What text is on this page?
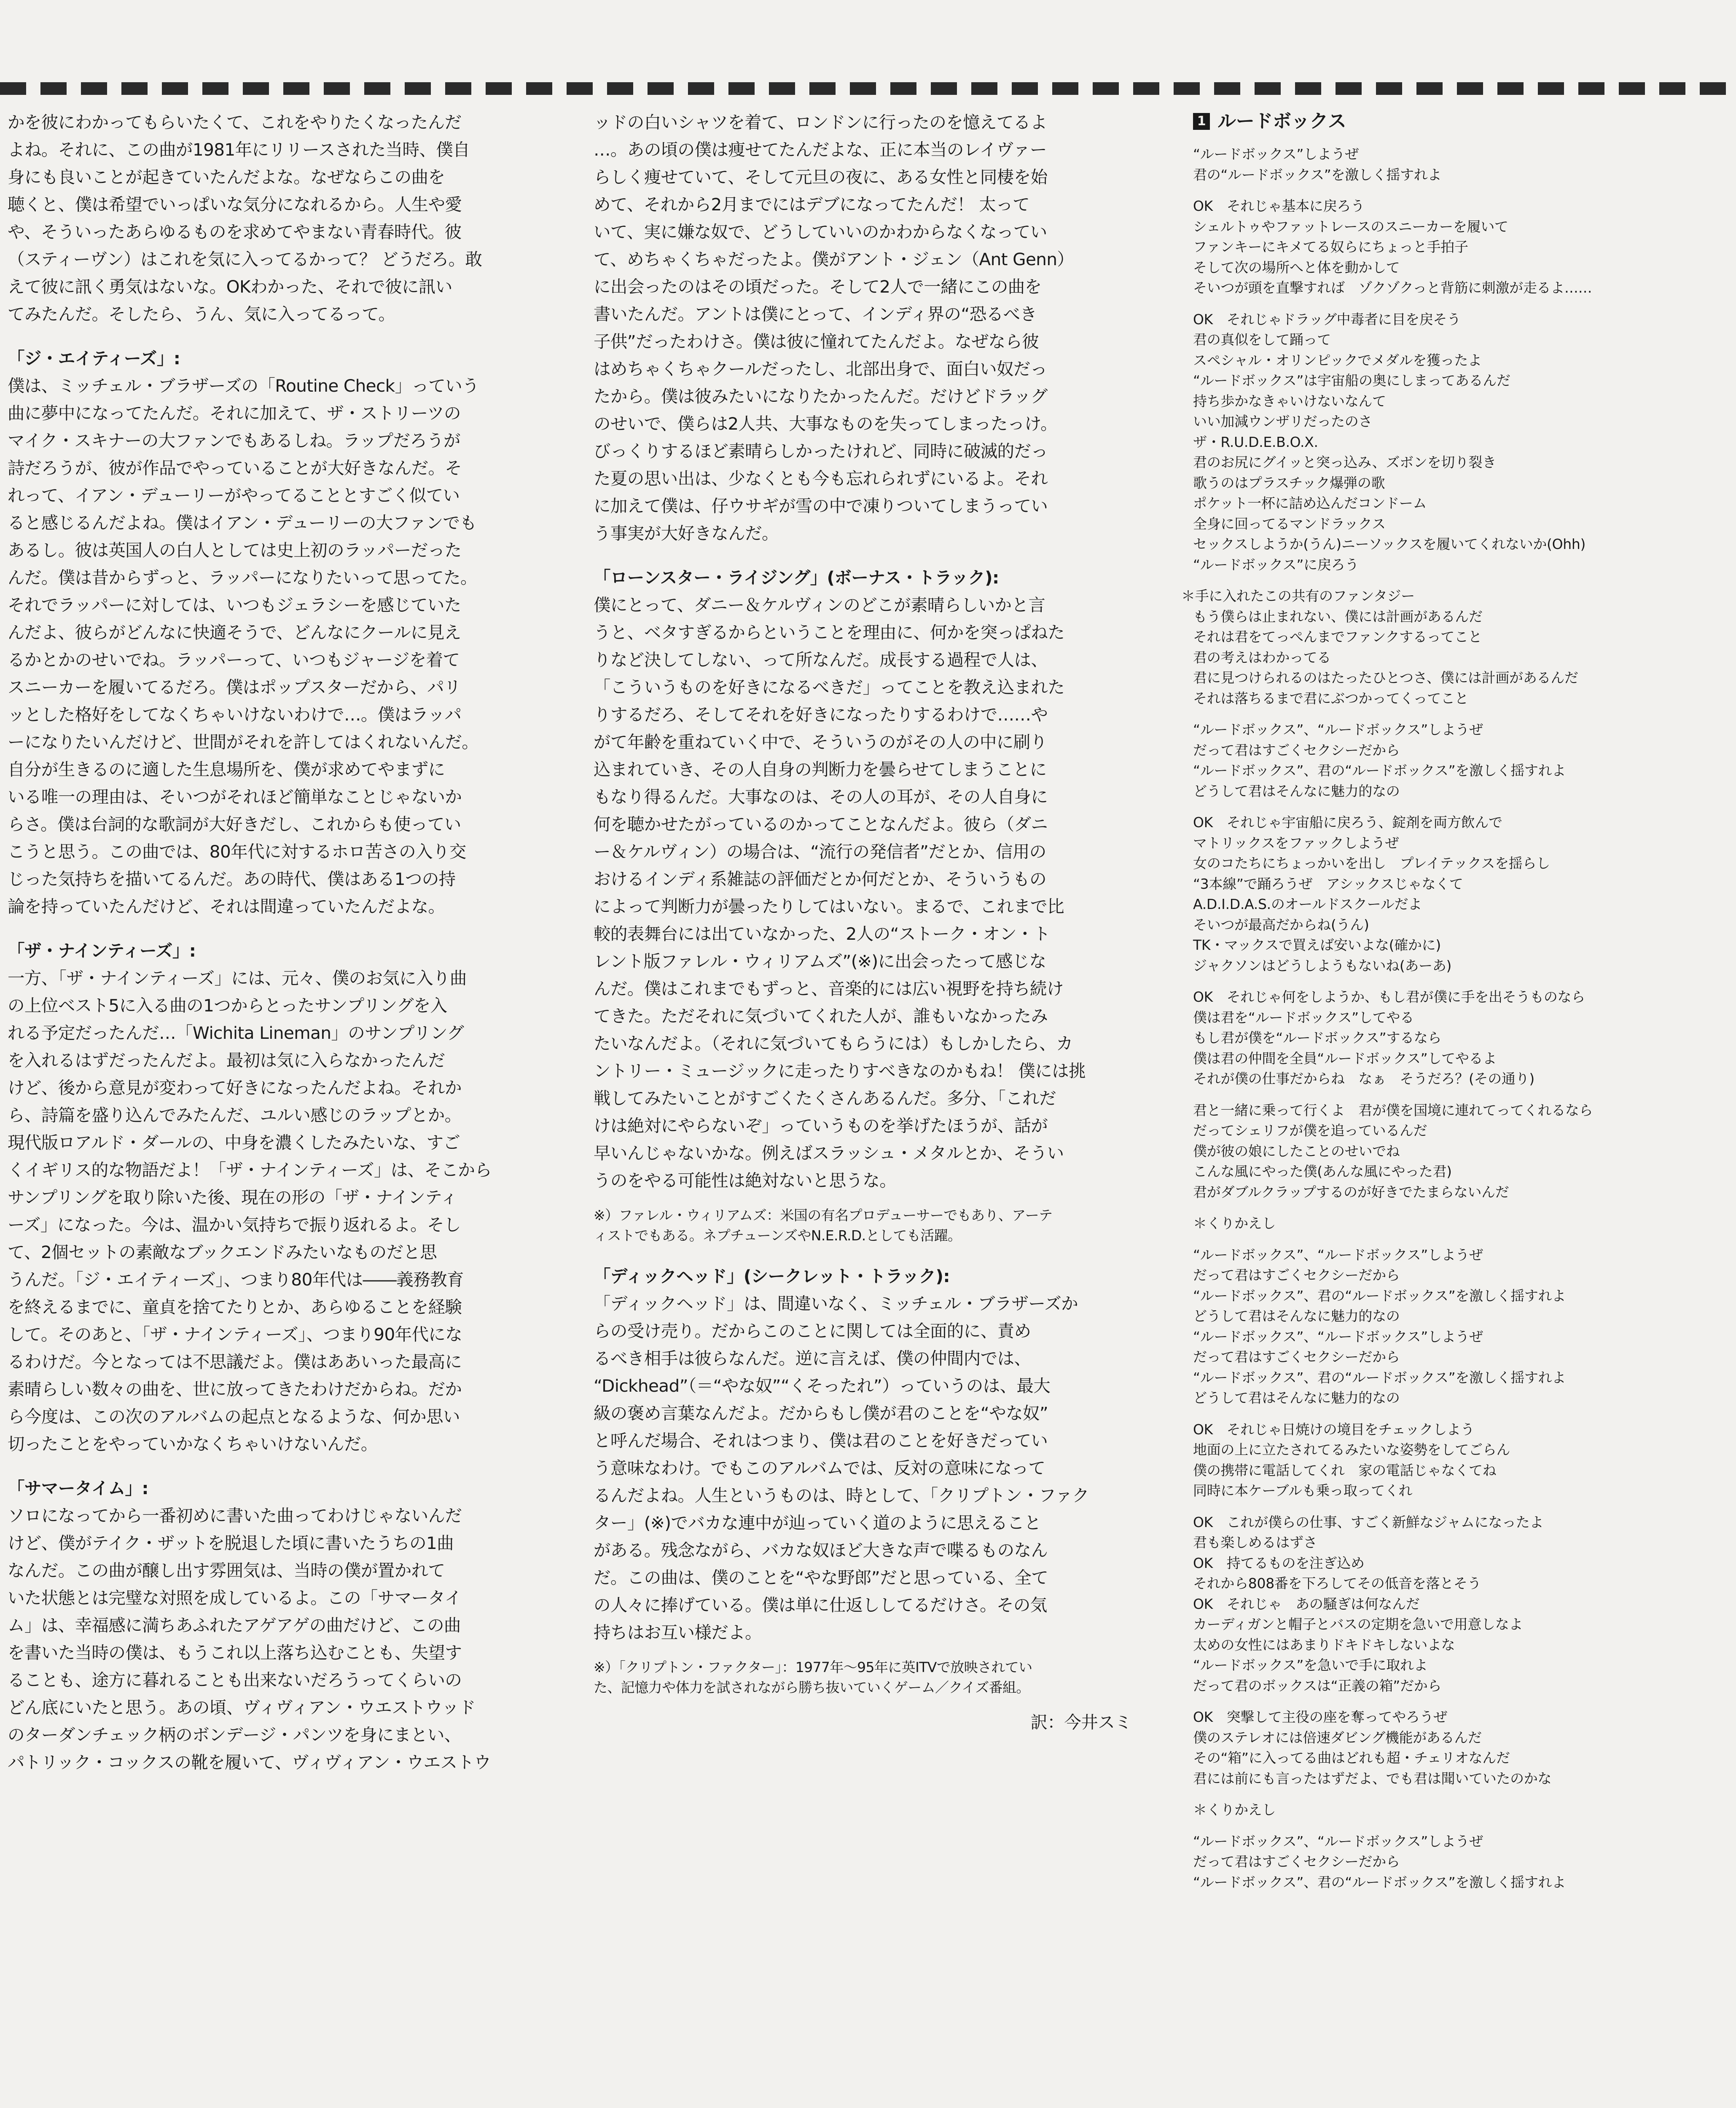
かを彼にわかってもらいたくて、これをやりたくなったんだ
よね。それに、この曲が1981年にリリースされた当時、僕自
身にも良いことが起きていたんだよな。なぜならこの曲を
聴くと、僕は希望でいっぱいな気分になれるから。人生や愛
や、そういったあらゆるものを求めてやまない青春時代。彼
（スティーヴン）はこれを気に入ってるかって？ どうだろ。敢
えて彼に訊く勇気はないな。OKわかった、それで彼に訊い
てみたんだ。そしたら、うん、気に入ってるって。

「ジ・エイティーズ」:

僕は、ミッチェル・ブラザーズの「Routine Check」っていう
曲に夢中になってたんだ。それに加えて、ザ・ストリーツの
マイク・スキナーの大ファンでもあるしね。ラップだろうが
詩だろうが、彼が作品でやっていることが大好きなんだ。そ
れって、イアン・デューリーがやってることとすごく似てい
ると感じるんだよね。僕はイアン・デューリーの大ファンでも
あるし。彼は英国人の白人としては史上初のラッパーだった
んだ。僕は昔からずっと、ラッパーになりたいって思ってた。
それでラッパーに対しては、いつもジェラシーを感じていた
んだよ、彼らがどんなに快適そうで、どんなにクールに見え
るかとかのせいでね。ラッパーって、いつもジャージを着て
スニーカーを履いてるだろ。僕はポップスターだから、パリ
ッとした格好をしてなくちゃいけないわけで…。僕はラッパ
ーになりたいんだけど、世間がそれを許してはくれないんだ。
自分が生きるのに適した生息場所を、僕が求めてやまずに
いる唯一の理由は、そいつがそれほど簡単なことじゃないか
らさ。僕は台詞的な歌詞が大好きだし、これからも使ってい
こうと思う。この曲では、80年代に対するホロ苦さの入り交
じった気持ちを描いてるんだ。あの時代、僕はある1つの持
論を持っていたんだけど、それは間違っていたんだよな。

「ザ・ナインティーズ」:

一方、「ザ・ナインティーズ」には、元々、僕のお気に入り曲
の上位ベスト5に入る曲の1つからとったサンプリングを入
れる予定だったんだ…「Wichita Lineman」のサンプリング
を入れるはずだったんだよ。最初は気に入らなかったんだ
けど、後から意見が変わって好きになったんだよね。それか
ら、詩篇を盛り込んでみたんだ、ユルい感じのラップとか。
現代版ロアルド・ダールの、中身を濃くしたみたいな、すご
くイギリス的な物語だよ！「ザ・ナインティーズ」は、そこから
サンプリングを取り除いた後、現在の形の「ザ・ナインティ
ーズ」になった。今は、温かい気持ちで振り返れるよ。そし
て、2個セットの素敵なブックエンドみたいなものだと思
うんだ。「ジ・エイティーズ」、つまり80年代は――義務教育
を終えるまでに、童貞を捨てたりとか、あらゆることを経験
して。そのあと、「ザ・ナインティーズ」、つまり90年代にな
るわけだ。今となっては不思議だよ。僕はああいった最高に
素晴らしい数々の曲を、世に放ってきたわけだからね。だか
ら今度は、この次のアルバムの起点となるような、何か思い
切ったことをやっていかなくちゃいけないんだ。

「サマータイム」:

ソロになってから一番初めに書いた曲ってわけじゃないんだ
けど、僕がテイク・ザットを脱退した頃に書いたうちの1曲
なんだ。この曲が醸し出す雰囲気は、当時の僕が置かれて
いた状態とは完璧な対照を成しているよ。この「サマータイ
ム」は、幸福感に満ちあふれたアゲアゲの曲だけど、この曲
を書いた当時の僕は、もうこれ以上落ち込むことも、失望す
ることも、途方に暮れることも出来ないだろうってくらいの
どん底にいたと思う。あの頃、ヴィヴィアン・ウエストウッド
のターダンチェック柄のボンデージ・パンツを身にまとい、
パトリック・コックスの靴を履いて、ヴィヴィアン・ウエストウ
ッドの白いシャツを着て、ロンドンに行ったのを憶えてるよ
…。あの頃の僕は痩せてたんだよな、正に本当のレイヴァー
らしく痩せていて、そして元旦の夜に、ある女性と同棲を始
めて、それから2月までにはデブになってたんだ！ 太って
いて、実に嫌な奴で、どうしていいのかわからなくなってい
て、めちゃくちゃだったよ。僕がアント・ジェン（Ant Genn）
に出会ったのはその頃だった。そして2人で一緒にこの曲を
書いたんだ。アントは僕にとって、インディ界の“恐るべき
子供”だったわけさ。僕は彼に憧れてたんだよ。なぜなら彼
はめちゃくちゃクールだったし、北部出身で、面白い奴だっ
たから。僕は彼みたいになりたかったんだ。だけどドラッグ
のせいで、僕らは2人共、大事なものを失ってしまったっけ。
びっくりするほど素晴らしかったけれど、同時に破滅的だっ
た夏の思い出は、少なくとも今も忘れられずにいるよ。それ
に加えて僕は、仔ウサギが雪の中で凍りついてしまうってい
う事実が大好きなんだ。

「ローンスター・ライジング」(ボーナス・トラック):

僕にとって、ダニー＆ケルヴィンのどこが素晴らしいかと言
うと、ベタすぎるからということを理由に、何かを突っぱねた
りなど決してしない、って所なんだ。成長する過程で人は、
「こういうものを好きになるべきだ」ってことを教え込まれた
りするだろ、そしてそれを好きになったりするわけで……や
がて年齢を重ねていく中で、そういうのがその人の中に刷り
込まれていき、その人自身の判断力を曇らせてしまうことに
もなり得るんだ。大事なのは、その人の耳が、その人自身に
何を聴かせたがっているのかってことなんだよ。彼ら（ダニ
ー＆ケルヴィン）の場合は、“流行の発信者”だとか、信用の
おけるインディ系雑誌の評価だとか何だとか、そういうもの
によって判断力が曇ったりしてはいない。まるで、これまで比
較的表舞台には出ていなかった、2人の“ストーク・オン・ト
レント版ファレル・ウィリアムズ”(※)に出会ったって感じな
んだ。僕はこれまでもずっと、音楽的には広い視野を持ち続け
てきた。ただそれに気づいてくれた人が、誰もいなかったみ
たいなんだよ。（それに気づいてもらうには）もしかしたら、カ
ントリー・ミュージックに走ったりすべきなのかもね！ 僕には挑
戦してみたいことがすごくたくさんあるんだ。多分、「これだ
けは絶対にやらないぞ」っていうものを挙げたほうが、話が
早いんじゃないかな。例えばスラッシュ・メタルとか、そうい
うのをやる可能性は絶対ないと思うな。
※）ファレル・ウィリアムズ：米国の有名プロデューサーでもあり、アーテ
ィストでもある。ネプチューンズやN.E.R.D.としても活躍。

「ディックヘッド」(シークレット・トラック):

「ディックヘッド」は、間違いなく、ミッチェル・ブラザーズか
らの受け売り。だからこのことに関しては全面的に、責め
るべき相手は彼らなんだ。逆に言えば、僕の仲間内では、
“Dickhead”（＝“やな奴”“くそったれ”）っていうのは、最大
級の褒め言葉なんだよ。だからもし僕が君のことを“やな奴”
と呼んだ場合、それはつまり、僕は君のことを好きだってい
う意味なわけ。でもこのアルバムでは、反対の意味になって
るんだよね。人生というものは、時として、「クリプトン・ファク
ター」(※)でバカな連中が辿っていく道のように思えること
がある。残念ながら、バカな奴ほど大きな声で喋るものなん
だ。この曲は、僕のことを“やな野郎”だと思っている、全て
の人々に捧げている。僕は単に仕返ししてるだけさ。その気
持ちはお互い様だよ。
※）「クリプトン・ファクター」：1977年～95年に英ITVで放映されてい
た、記憶力や体力を試されながら勝ち抜いていくゲーム／クイズ番組。

訳：今井スミ

1 ルードボックス
“ルードボックス”しようぜ
君の“ルードボックス”を激しく揺すれよ
OK　それじゃ基本に戻ろう
シェルトゥやファットレースのスニーカーを履いて
ファンキーにキメてる奴らにちょっと手拍子
そして次の場所へと体を動かして
そいつが頭を直撃すれば　ゾクゾクっと背筋に刺激が走るよ……
OK　それじゃドラッグ中毒者に目を戻そう
君の真似をして踊って
スペシャル・オリンピックでメダルを獲ったよ
“ルードボックス”は宇宙船の奥にしまってあるんだ
持ち歩かなきゃいけないなんて
いい加減ウンザリだったのさ
ザ・R.U.D.E.B.O.X.
君のお尻にグイッと突っ込み、ズボンを切り裂き
歌うのはプラスチック爆弾の歌
ポケット一杯に詰め込んだコンドーム
全身に回ってるマンドラックス
セックスしようか(うん)ニーソックスを履いてくれないか(Ohh)
“ルードボックス”に戻ろう
＊手に入れたこの共有のファンタジー
もう僕らは止まれない、僕には計画があるんだ
それは君をてっぺんまでファンクするってこと
君の考えはわかってる
君に見つけられるのはたったひとつさ、僕には計画があるんだ
それは落ちるまで君にぶつかってくってこと
“ルードボックス”、“ルードボックス”しようぜ
だって君はすごくセクシーだから
“ルードボックス”、君の“ルードボックス”を激しく揺すれよ
どうして君はそんなに魅力的なの
OK　それじゃ宇宙船に戻ろう、錠剤を両方飲んで
マトリックスをファックしようぜ
女のコたちにちょっかいを出し　プレイテックスを揺らし
“3本線”で踊ろうぜ　アシックスじゃなくて
A.D.I.D.A.S.のオールドスクールだよ
そいつが最高だからね(うん)
TK・マックスで買えば安いよな(確かに)
ジャクソンはどうしようもないね(あーあ)
OK　それじゃ何をしようか、もし君が僕に手を出そうものなら
僕は君を“ルードボックス”してやる
もし君が僕を“ルードボックス”するなら
僕は君の仲間を全員“ルードボックス”してやるよ
それが僕の仕事だからね　なぁ　そうだろ？(その通り)
君と一緒に乗って行くよ　君が僕を国境に連れてってくれるなら
だってシェリフが僕を追っているんだ
僕が彼の娘にしたことのせいでね
こんな風にやった僕(あんな風にやった君)
君がダブルクラップするのが好きでたまらないんだ
＊くりかえし
“ルードボックス”、“ルードボックス”しようぜ
だって君はすごくセクシーだから
“ルードボックス”、君の“ルードボックス”を激しく揺すれよ
どうして君はそんなに魅力的なの
“ルードボックス”、“ルードボックス”しようぜ
だって君はすごくセクシーだから
“ルードボックス”、君の“ルードボックス”を激しく揺すれよ
どうして君はそんなに魅力的なの
OK　それじゃ日焼けの境目をチェックしよう
地面の上に立たされてるみたいな姿勢をしてごらん
僕の携帯に電話してくれ　家の電話じゃなくてね
同時に本ケーブルも乗っ取ってくれ
OK　これが僕らの仕事、すごく新鮮なジャムになったよ
君も楽しめるはずさ
OK　持てるものを注ぎ込め
それから808番を下ろしてその低音を落とそう
OK　それじゃ　あの騒ぎは何なんだ
カーディガンと帽子とバスの定期を急いで用意しなよ
太めの女性にはあまりドキドキしないよな
“ルードボックス”を急いで手に取れよ
だって君のボックスは“正義の箱”だから
OK　突撃して主役の座を奪ってやろうぜ
僕のステレオには倍速ダビング機能があるんだ
その“箱”に入ってる曲はどれも超・チェリオなんだ
君には前にも言ったはずだよ、でも君は聞いていたのかな
＊くりかえし
“ルードボックス”、“ルードボックス”しようぜ
だって君はすごくセクシーだから
“ルードボックス”、君の“ルードボックス”を激しく揺すれよ
